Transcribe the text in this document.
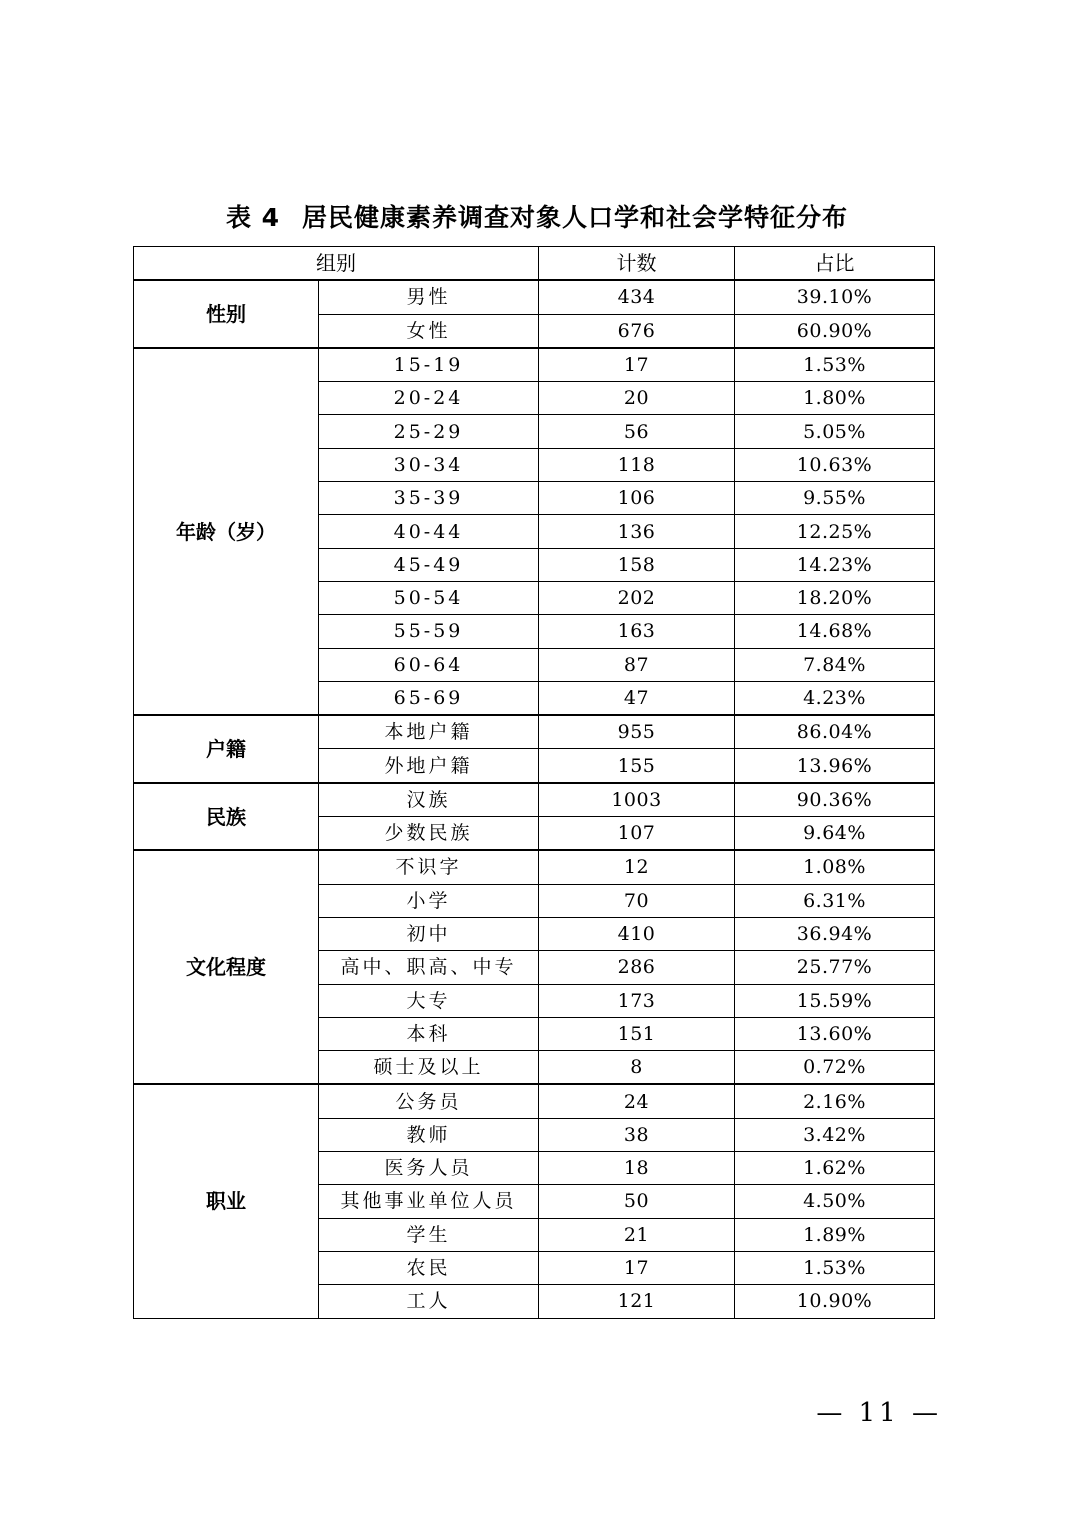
表 4 居民健康素养调查对象人口学和社会学特征分布
组别		计数	占比
性别	男性	434	39.10%
	女性	676	60.90%
年龄（岁）	15-19	17	1.53%
	20-24	20	1.80%
	25-29	56	5.05%
	30-34	118	10.63%
	35-39	106	9.55%
	40-44	136	12.25%
	45-49	158	14.23%
	50-54	202	18.20%
	55-59	163	14.68%
	60-64	87	7.84%
	65-69	47	4.23%
户籍	本地户籍	955	86.04%
	外地户籍	155	13.96%
民族	汉族	1003	90.36%
	少数民族	107	9.64%
文化程度	不识字	12	1.08%
	小学	70	6.31%
	初中	410	36.94%
	高中、职高、中专	286	25.77%
	大专	173	15.59%
	本科	151	13.60%
	硕士及以上	8	0.72%
职业	公务员	24	2.16%
	教师	38	3.42%
	医务人员	18	1.62%
	其他事业单位人员	50	4.50%
	学生	21	1.89%
	农民	17	1.53%
	工人	121	10.90%
— 11 —
